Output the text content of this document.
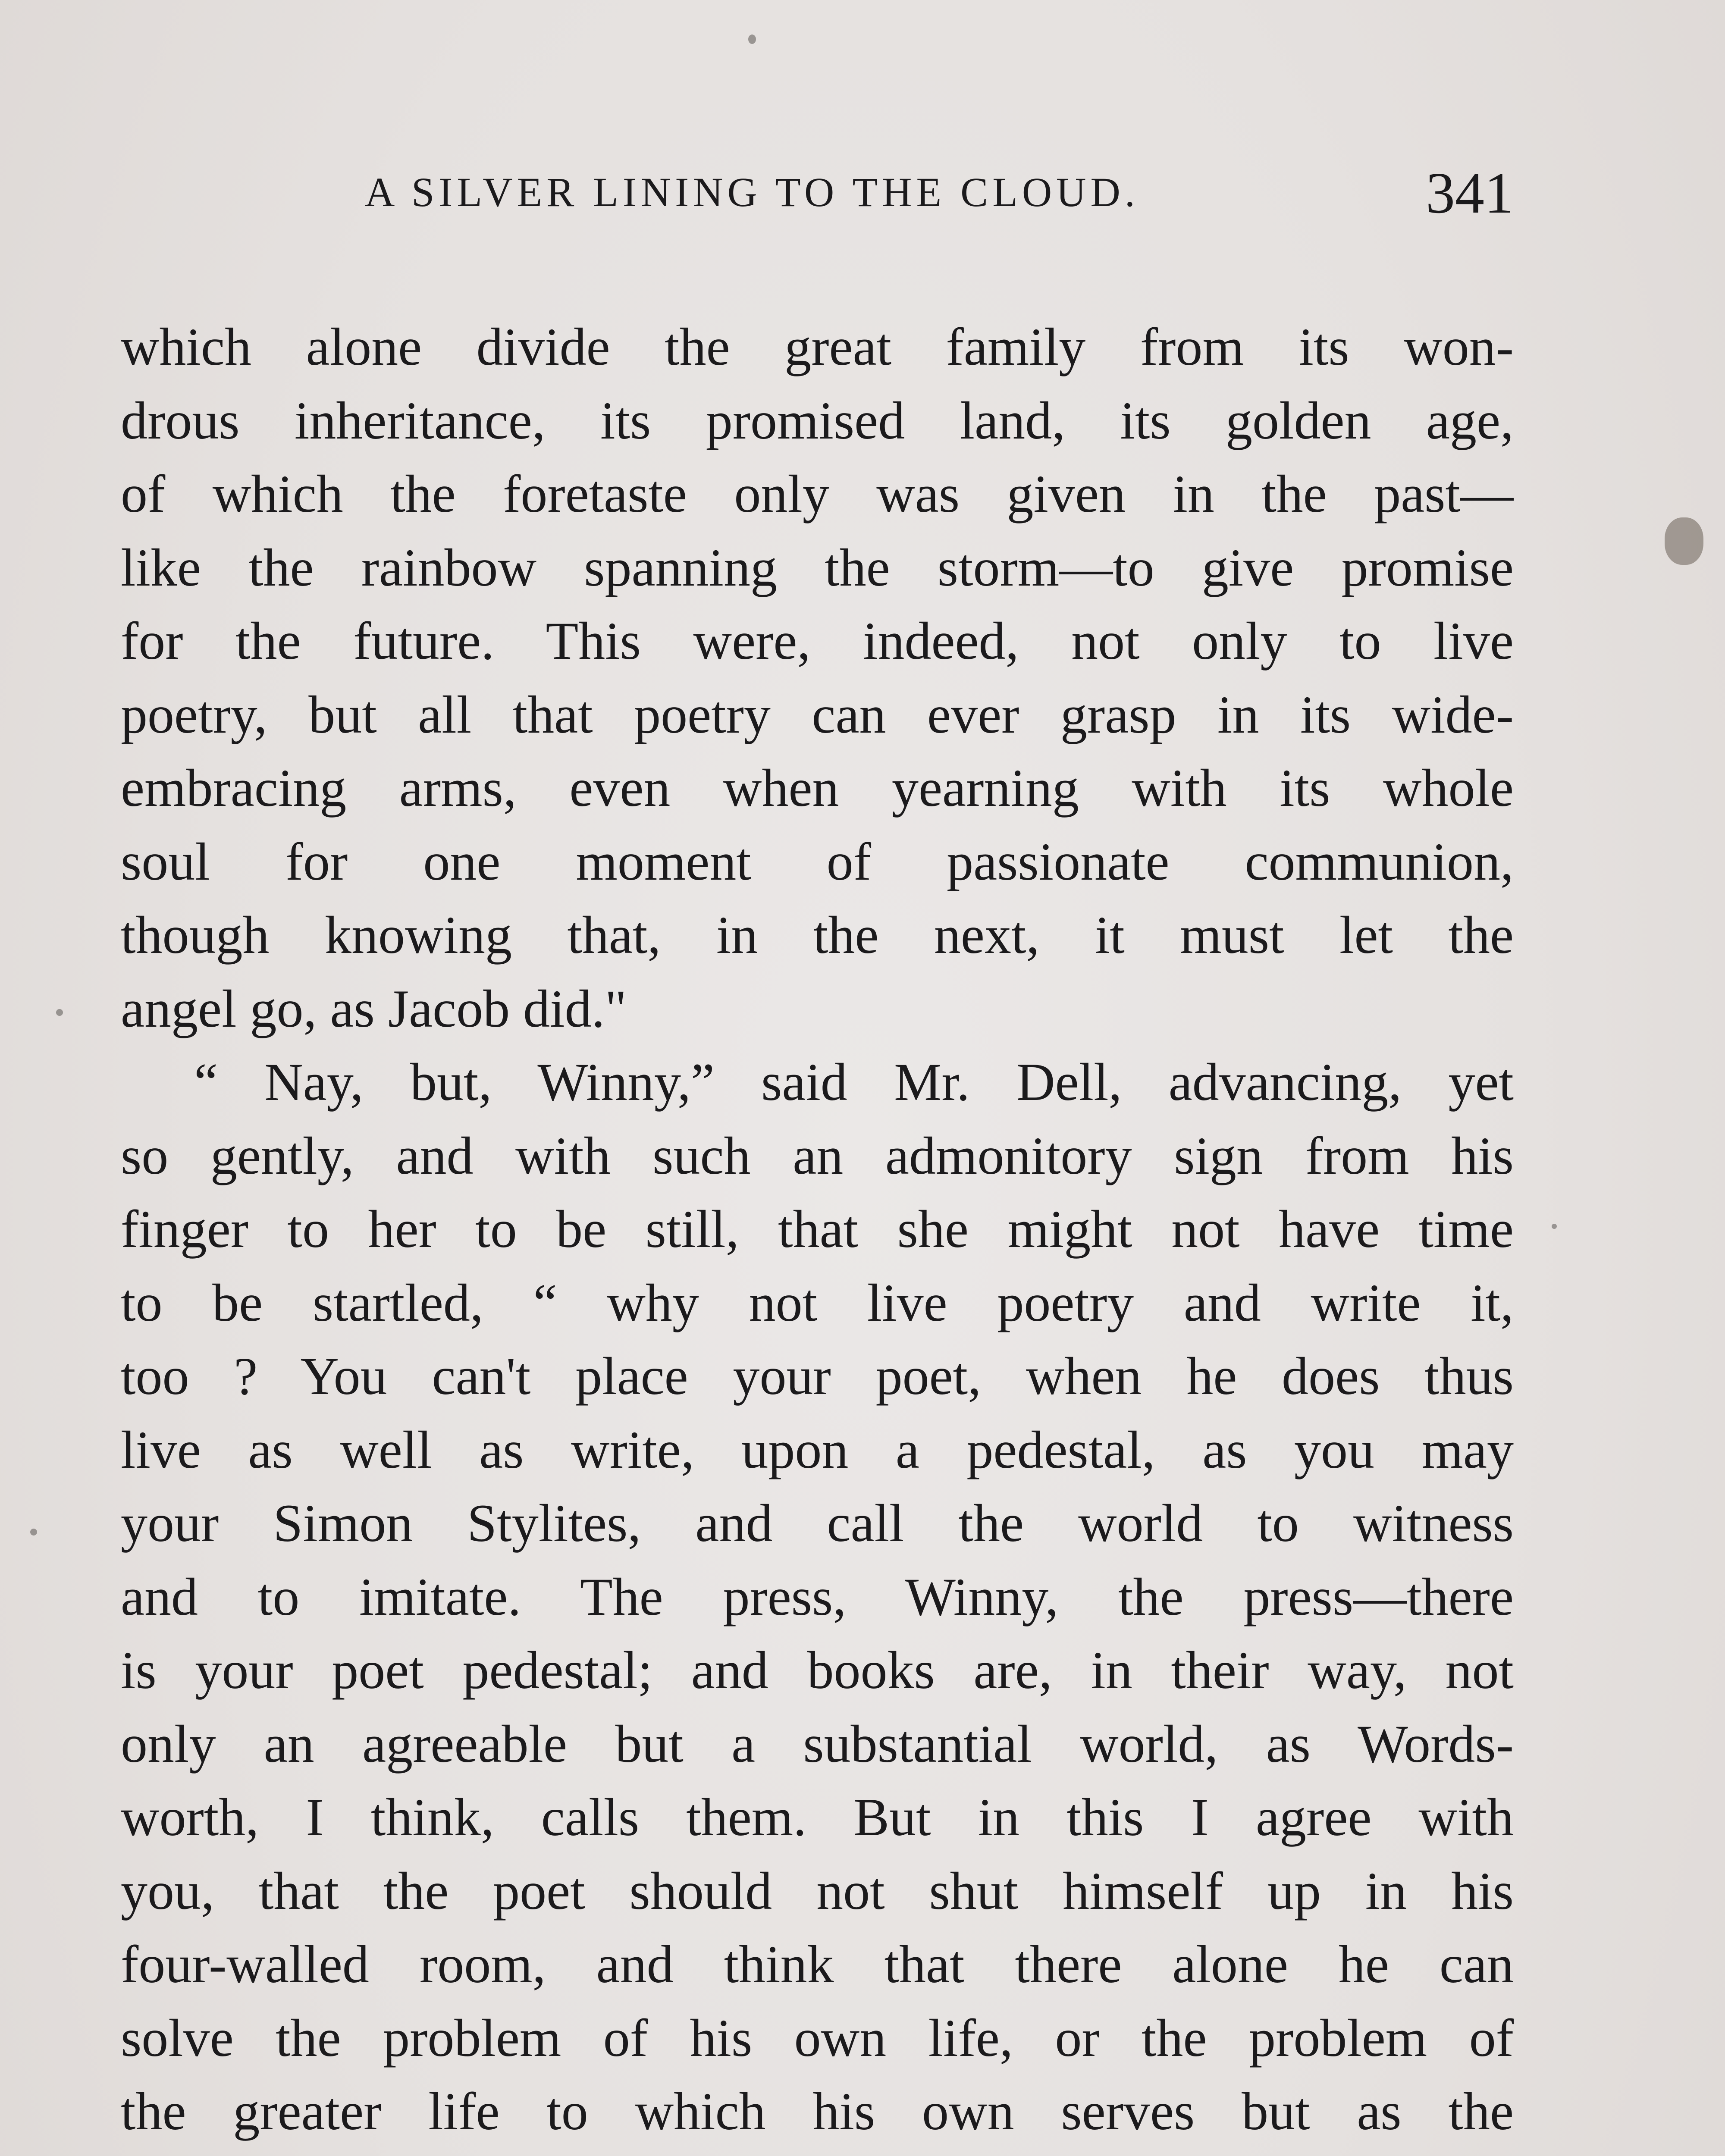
A SILVER LINING TO THE CLOUD.	341
which alone divide the great family from its won-
drous inheritance, its promised land, its golden age,
of which the foretaste only was given in the past—
like the rainbow spanning the storm—to give promise
for the future. This were, indeed, not only to live
poetry, but all that poetry can ever grasp in its wide-
embracing arms, even when yearning with its whole
soul for one moment of passionate communion,
though knowing that, in the next, it must let the
angel go, as Jacob did."
“ Nay, but, Winny,” said Mr. Dell, advancing, yet
so gently, and with such an admonitory sign from his
finger to her to be still, that she might not have time
to be startled, “ why not live poetry and write it,
too ? You can't place your poet, when he does thus
live as well as write, upon a pedestal, as you may
your Simon Stylites, and call the world to witness
and to imitate. The press, Winny, the press—there
is your poet pedestal; and books are, in their way, not
only an agreeable but a substantial world, as Words-
worth, I think, calls them. But in this I agree with
you, that the poet should not shut himself up in his
four-walled room, and think that there alone he can
solve the problem of his own life, or the problem of
the greater life to which his own serves but as the
